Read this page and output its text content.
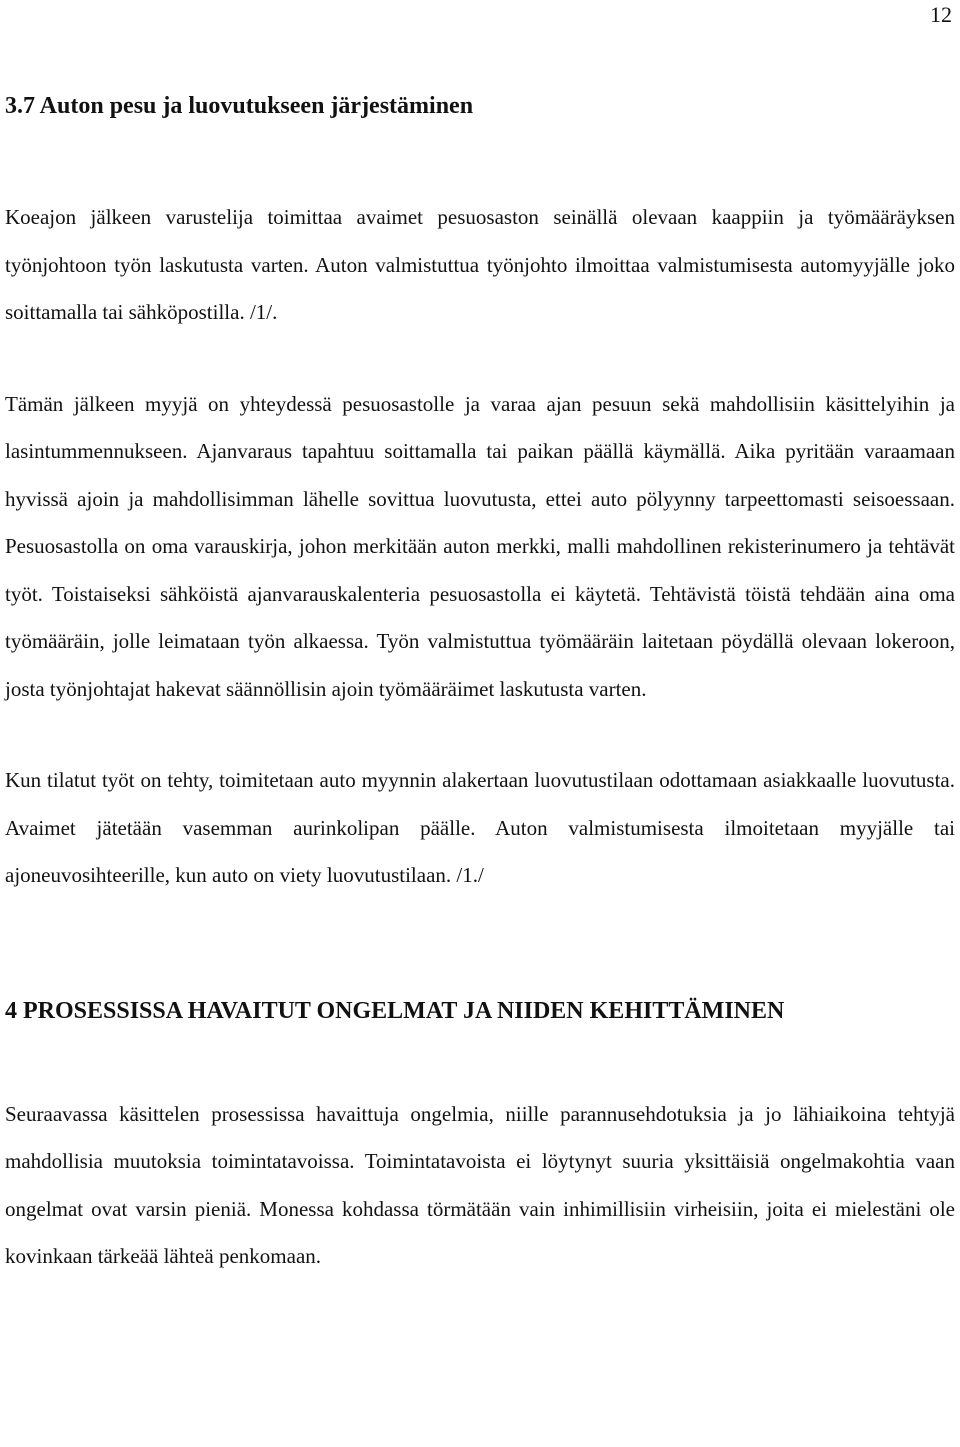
12
3.7 Auton pesu ja luovutukseen järjestäminen

Koeajon jälkeen varustelija toimittaa avaimet pesuosaston seinällä olevaan kaappiin ja työmääräyksen työnjohtoon työn laskutusta varten. Auton valmistuttua työnjohto ilmoittaa valmistumisesta automyyjälle joko soittamalla tai sähköpostilla. /1/.

Tämän jälkeen myyjä on yhteydessä pesuosastolle ja varaa ajan pesuun sekä mahdollisiin käsittelyihin ja lasintummennukseen. Ajanvaraus tapahtuu soittamalla tai paikan päällä käymällä. Aika pyritään varaamaan hyvissä ajoin ja mahdollisimman lähelle sovittua luovutusta, ettei auto pölyynny tarpeettomasti seisoessaan. Pesuosastolla on oma varauskirja, johon merkitään auton merkki, malli mahdollinen rekisterinumero ja tehtävät työt. Toistaiseksi sähköistä ajanvarauskalenteria pesuosastolla ei käytetä. Tehtävistä töistä tehdään aina oma työmääräin, jolle leimataan työn alkaessa. Työn valmistuttua työmääräin laitetaan pöydällä olevaan lokeroon, josta työnjohtajat hakevat säännöllisin ajoin työmääräimet laskutusta varten.

Kun tilatut työt on tehty, toimitetaan auto myynnin alakertaan luovutustilaan odottamaan asiakkaalle luovutusta. Avaimet jätetään vasemman aurinkolipan päälle. Auton valmistumisesta ilmoitetaan myyjälle tai ajoneuvosihteerille, kun auto on viety luovutustilaan. /1./

4 PROSESSISSA HAVAITUT ONGELMAT JA NIIDEN KEHITTÄMINEN

Seuraavassa käsittelen prosessissa havaittuja ongelmia, niille parannusehdotuksia ja jo lähiaikoina tehtyjä mahdollisia muutoksia toimintatavoissa. Toimintatavoista ei löytynyt suuria yksittäisiä ongelmakohtia vaan ongelmat ovat varsin pieniä. Monessa kohdassa törmätään vain inhimillisiin virheisiin, joita ei mielestäni ole kovinkaan tärkeää lähteä penkomaan.
